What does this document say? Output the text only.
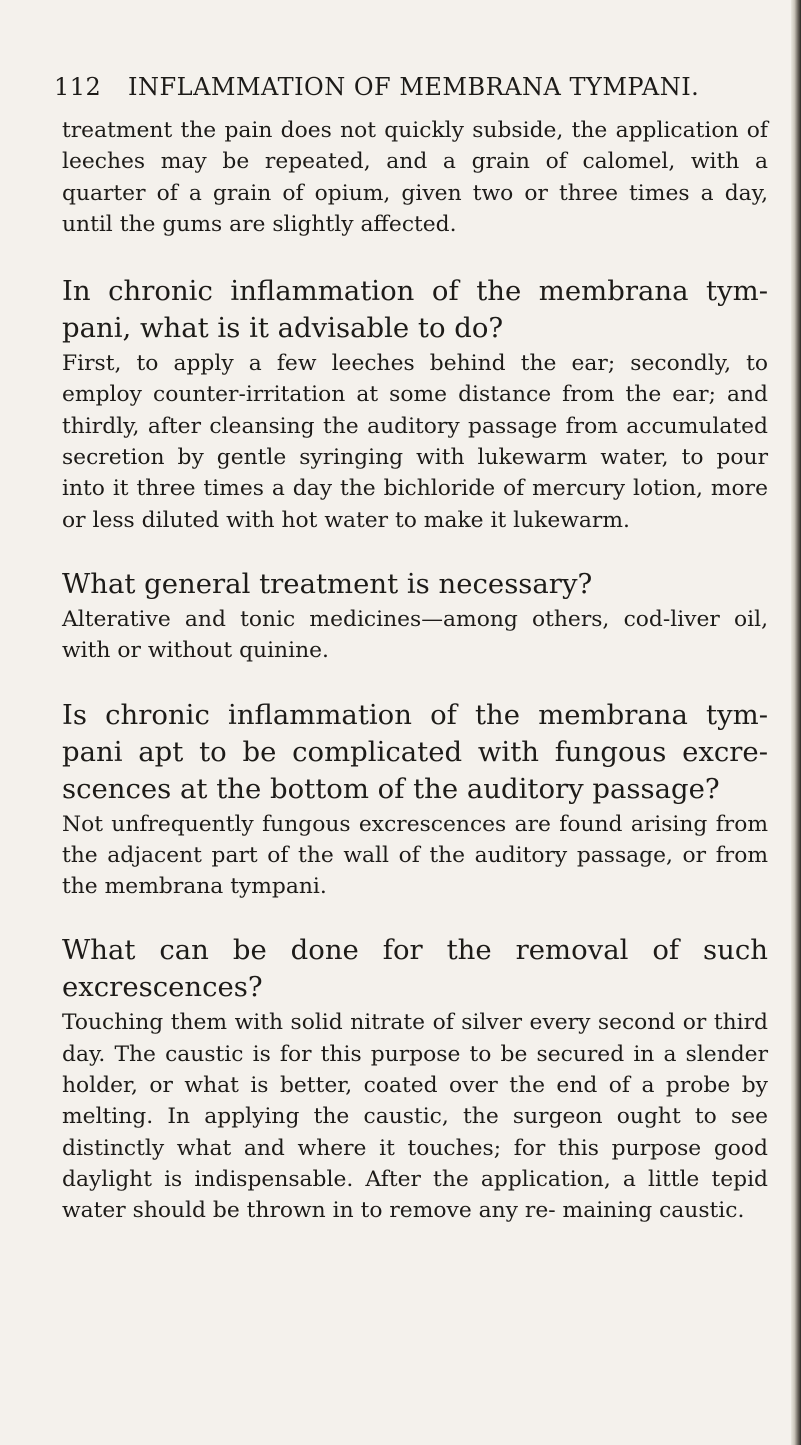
112 INFLAMMATION OF MEMBRANA TYMPANI.

treatment the pain does not quickly subside, the application of leeches may be repeated, and a grain of calomel, with a quarter of a grain of opium, given two or three times a day, until the gums are slightly affected.

In chronic inflammation of the membrana tym- pani, what is it advisable to do?

First, to apply a few leeches behind the ear; secondly, to employ counter-irritation at some distance from the ear; and thirdly, after cleansing the auditory passage from accumulated secretion by gentle syringing with lukewarm water, to pour into it three times a day the bichloride of mercury lotion, more or less diluted with hot water to make it lukewarm.

What general treatment is necessary?

Alterative and tonic medicines—among others, cod-liver oil, with or without quinine.

Is chronic inflammation of the membrana tym- pani apt to be complicated with fungous excre- scences at the bottom of the auditory passage?

Not unfrequently fungous excrescences are found arising from the adjacent part of the wall of the auditory passage, or from the membrana tympani.

What can be done for the removal of such excrescences?

Touching them with solid nitrate of silver every second or third day. The caustic is for this purpose to be secured in a slender holder, or what is better, coated over the end of a probe by melting. In applying the caustic, the surgeon ought to see distinctly what and where it touches; for this purpose good daylight is indispensable. After the application, a little tepid water should be thrown in to remove any re- maining caustic.
